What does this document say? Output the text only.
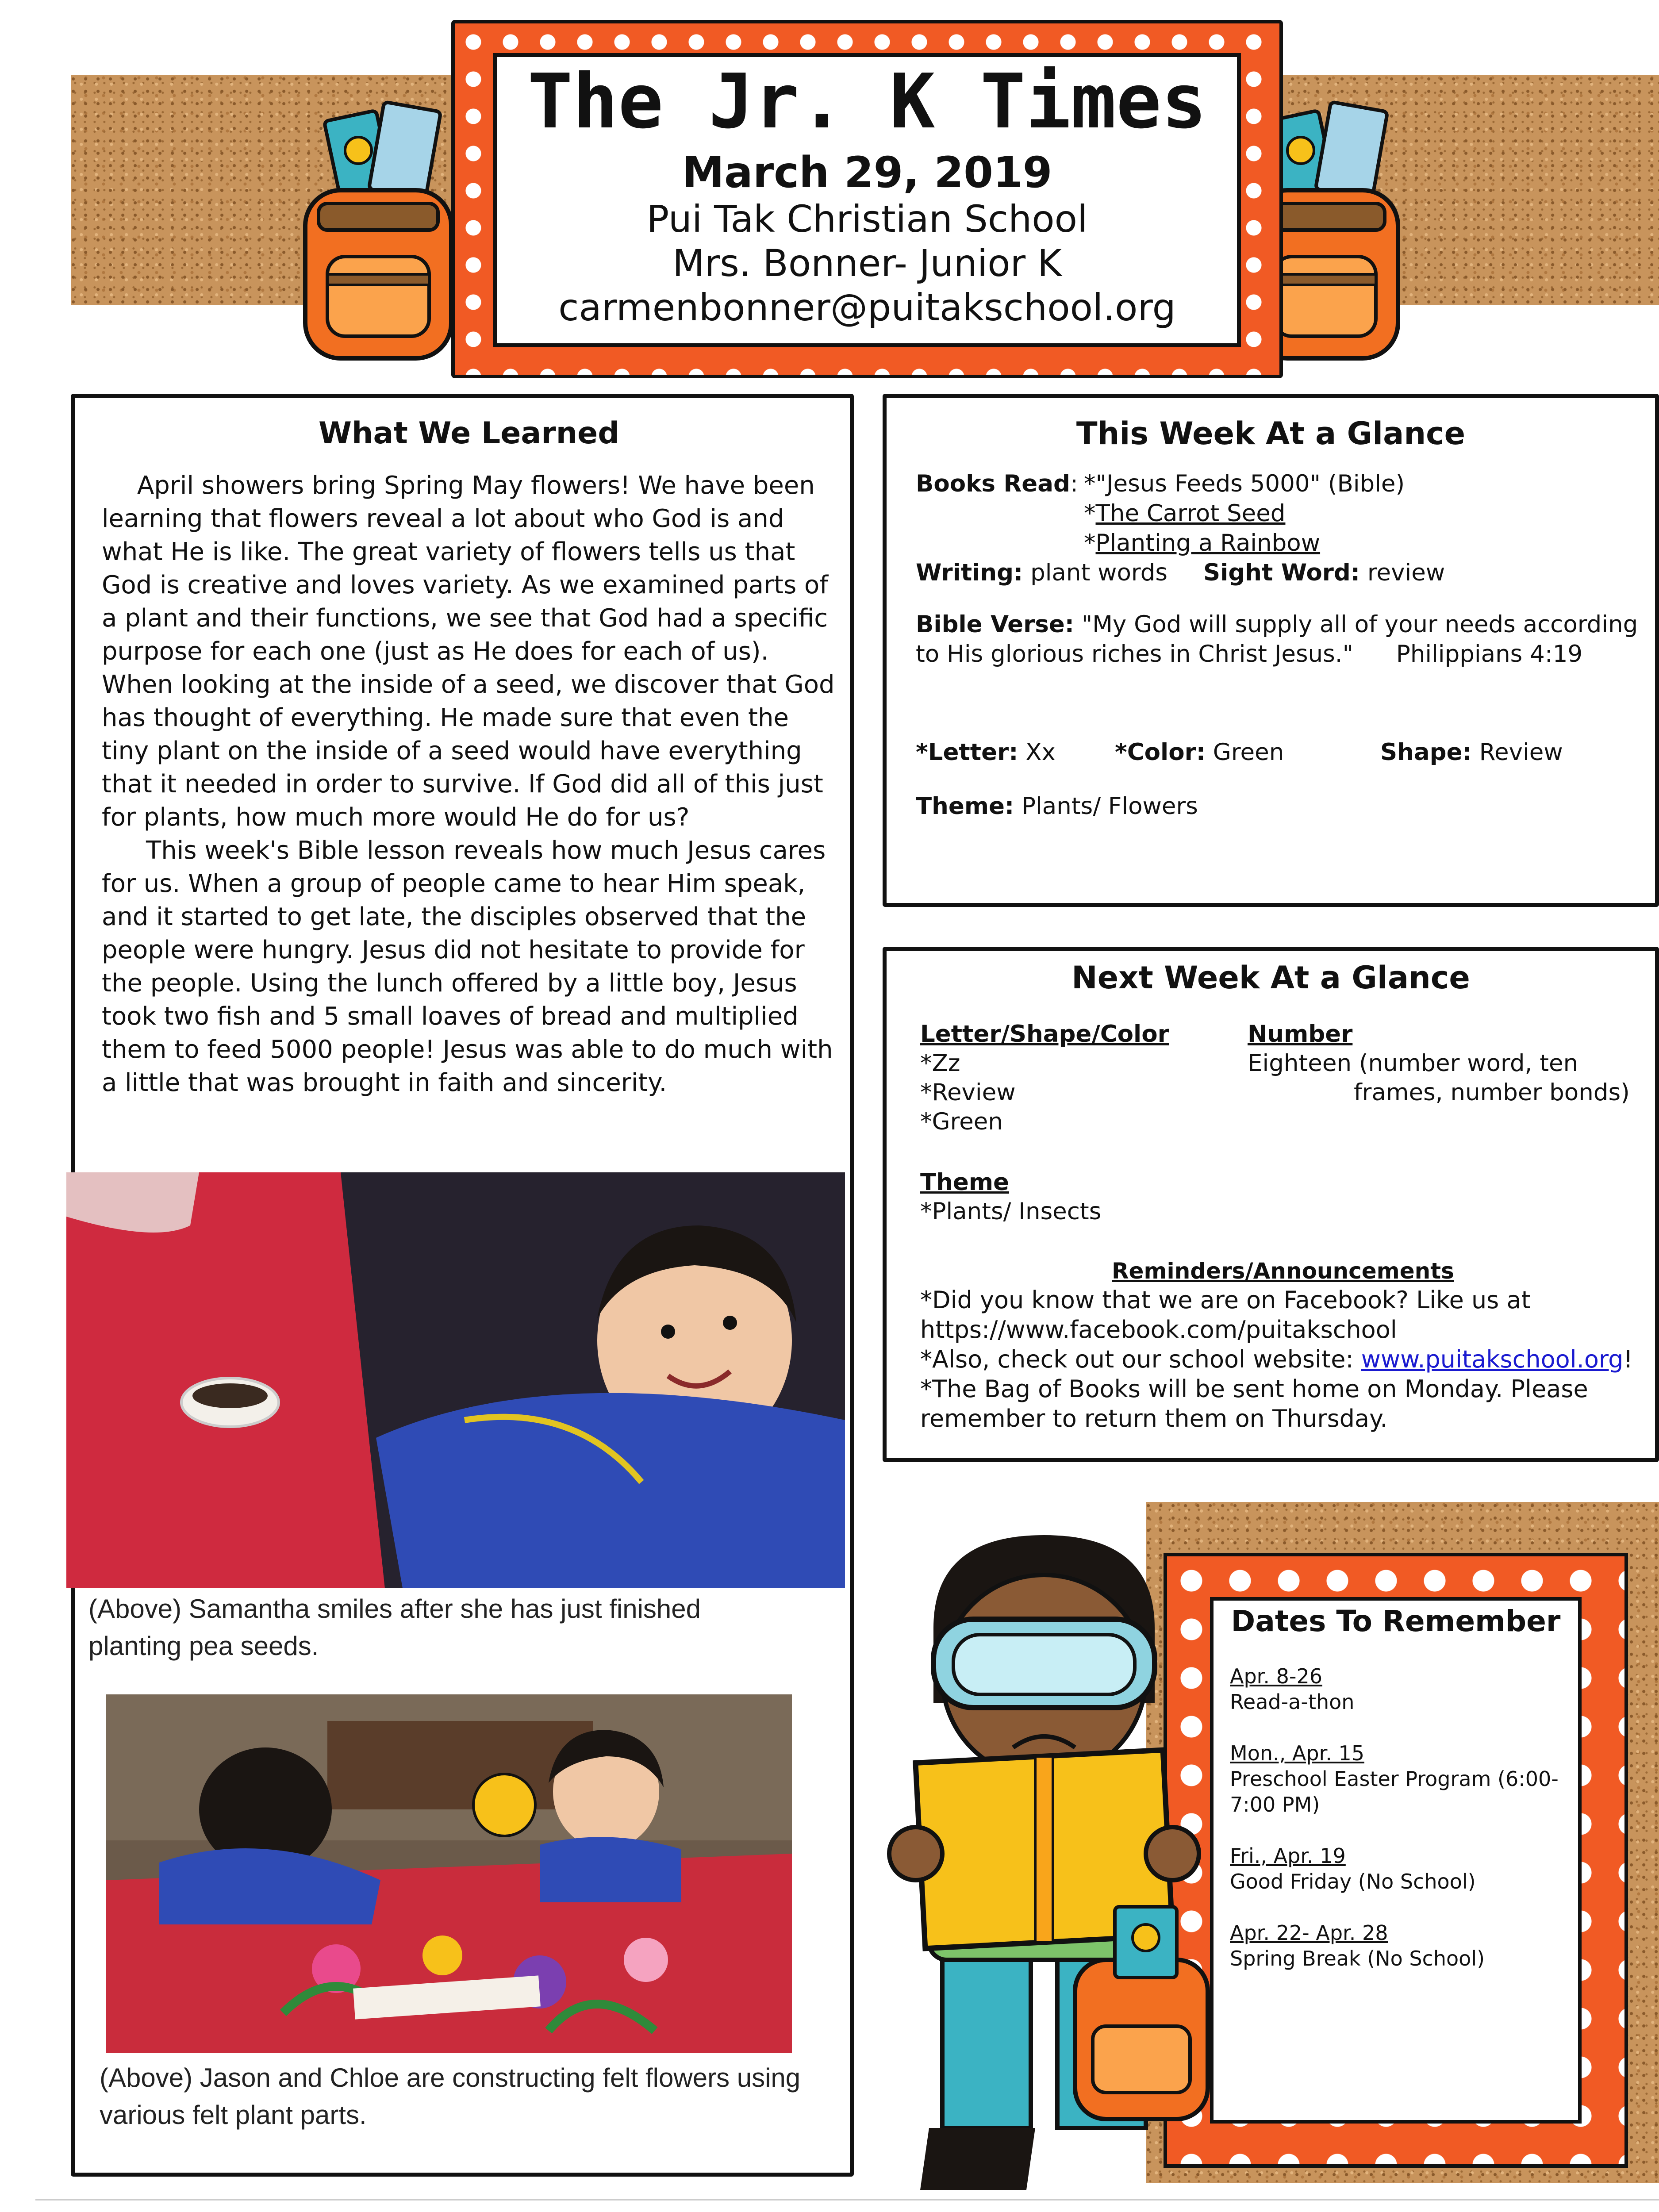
The Jr. K Times
March 29, 2019
Pui Tak Christian School
Mrs. Bonner- Junior K
carmenbonner@puitakschool.org
What We Learned
April showers bring Spring May flowers! We have been learning that flowers reveal a lot about who God is and what He is like. The great variety of flowers tells us that God is creative and loves variety. As we examined parts of a plant and their functions, we see that God had a specific purpose for each one (just as He does for each of us). When looking at the inside of a seed, we discover that God has thought of everything. He made sure that even the tiny plant on the inside of a seed would have everything that it needed in order to survive. If God did all of this just for plants, how much more would He do for us?
This week's Bible lesson reveals how much Jesus cares for us. When a group of people came to hear Him speak, and it started to get late, the disciples observed that the people were hungry. Jesus did not hesitate to provide for the people. Using the lunch offered by a little boy, Jesus took two fish and 5 small loaves of bread and multiplied them to feed 5000 people! Jesus was able to do much with a little that was brought in faith and sincerity.
(Above) Samantha smiles after she has just finished planting pea seeds.
(Above) Jason and Chloe are constructing felt flowers using various felt plant parts.
This Week At a Glance
Books Read: *"Jesus Feeds 5000" (Bible)
*The Carrot Seed
*Planting a Rainbow
Writing: plant words Sight Word: review
Bible Verse: "My God will supply all of your needs according to His glorious riches in Christ Jesus." Philippians 4:19
*Letter: Xx	*Color: Green	Shape: Review
Theme: Plants/ Flowers
Next Week At a Glance
Letter/Shape/Color
*Zz
*Review
*Green
Number
Eighteen (number word, ten
frames, number bonds)
Theme
*Plants/ Insects
Reminders/Announcements
*Did you know that we are on Facebook? Like us at https://www.facebook.com/puitakschool
*Also, check out our school website: www.puitakschool.org!
*The Bag of Books will be sent home on Monday. Please remember to return them on Thursday.
Dates To Remember
Apr. 8-26
Read-a-thon
Mon., Apr. 15
Preschool Easter Program (6:00-7:00 PM)
Fri., Apr. 19
Good Friday (No School)
Apr. 22- Apr. 28
Spring Break (No School)
